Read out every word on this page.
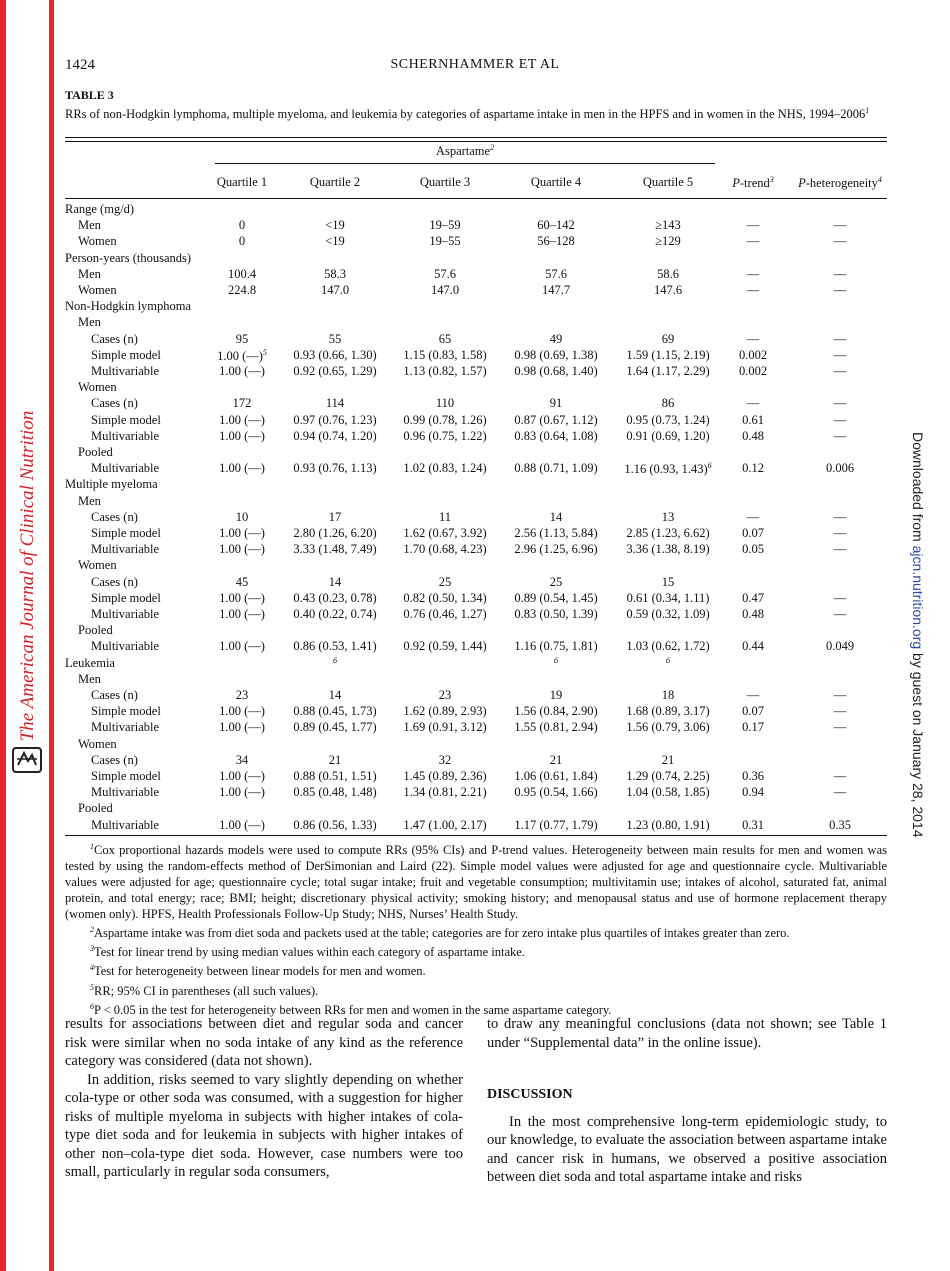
The American Journal of Clinical Nutrition	Downloaded from ajcn.nutrition.org by guest on January 28, 2014
1424	SCHERNHAMMER ET AL
TABLE 3
RRs of non-Hodgkin lymphoma, multiple myeloma, and leukemia by categories of aspartame intake in men in the HPFS and in women in the NHS, 1994–2006$^1$
Aspartame$^2$
Quartile 1	Quartile 2	Quartile 3	Quartile 4	Quartile 5	P-trend$^3$	P-heterogeneity$^4$
Range (mg/d)
Men	0	<19	19–59	60–142	≥143	—	—
Women	0	<19	19–55	56–128	≥129	—	—
Person-years (thousands)
Men	100.4	58.3	57.6	57.6	58.6	—	—
Women	224.8	147.0	147.0	147.7	147.6	—	—
Non-Hodgkin lymphoma
Men
Cases (n)	95	55	65	49	69	—	—
Simple model	1.00 (—)$^5$	0.93 (0.66, 1.30)	1.15 (0.83, 1.58)	0.98 (0.69, 1.38)	1.59 (1.15, 2.19)	0.002	—
Multivariable	1.00 (—)	0.92 (0.65, 1.29)	1.13 (0.82, 1.57)	0.98 (0.68, 1.40)	1.64 (1.17, 2.29)	0.002	—
Women
Cases (n)	172	114	110	91	86	—	—
Simple model	1.00 (—)	0.97 (0.76, 1.23)	0.99 (0.78, 1.26)	0.87 (0.67, 1.12)	0.95 (0.73, 1.24)	0.61	—
Multivariable	1.00 (—)	0.94 (0.74, 1.20)	0.96 (0.75, 1.22)	0.83 (0.64, 1.08)	0.91 (0.69, 1.20)	0.48	—
Pooled
Multivariable	1.00 (—)	0.93 (0.76, 1.13)	1.02 (0.83, 1.24)	0.88 (0.71, 1.09)	1.16 (0.93, 1.43)$^6$	0.12	0.006
Multiple myeloma
Men
Cases (n)	10	17	11	14	13	—	—
Simple model	1.00 (—)	2.80 (1.26, 6.20)	1.62 (0.67, 3.92)	2.56 (1.13, 5.84)	2.85 (1.23, 6.62)	0.07	—
Multivariable	1.00 (—)	3.33 (1.48, 7.49)	1.70 (0.68, 4.23)	2.96 (1.25, 6.96)	3.36 (1.38, 8.19)	0.05	—
Women
Cases (n)	45	14	25	25	15
Simple model	1.00 (—)	0.43 (0.23, 0.78)	0.82 (0.50, 1.34)	0.89 (0.54, 1.45)	0.61 (0.34, 1.11)	0.47	—
Multivariable	1.00 (—)	0.40 (0.22, 0.74)	0.76 (0.46, 1.27)	0.83 (0.50, 1.39)	0.59 (0.32, 1.09)	0.48	—
Pooled
Multivariable	1.00 (—)	0.86 (0.53, 1.41)	0.92 (0.59, 1.44)	1.16 (0.75, 1.81)	1.03 (0.62, 1.72)	0.44	0.049
Leukemia	$^6$	$^6$	$^6$
Men
Cases (n)	23	14	23	19	18	—	—
Simple model	1.00 (—)	0.88 (0.45, 1.73)	1.62 (0.89, 2.93)	1.56 (0.84, 2.90)	1.68 (0.89, 3.17)	0.07	—
Multivariable	1.00 (—)	0.89 (0.45, 1.77)	1.69 (0.91, 3.12)	1.55 (0.81, 2.94)	1.56 (0.79, 3.06)	0.17	—
Women
Cases (n)	34	21	32	21	21
Simple model	1.00 (—)	0.88 (0.51, 1.51)	1.45 (0.89, 2.36)	1.06 (0.61, 1.84)	1.29 (0.74, 2.25)	0.36	—
Multivariable	1.00 (—)	0.85 (0.48, 1.48)	1.34 (0.81, 2.21)	0.95 (0.54, 1.66)	1.04 (0.58, 1.85)	0.94	—
Pooled
Multivariable	1.00 (—)	0.86 (0.56, 1.33)	1.47 (1.00, 2.17)	1.17 (0.77, 1.79)	1.23 (0.80, 1.91)	0.31	0.35

$^1$Cox proportional hazards models were used to compute RRs (95% CIs) and P-trend values. Heterogeneity between main results for men and women was tested by using the random-effects method of DerSimonian and Laird (22). Simple model values were adjusted for age and questionnaire cycle. Multivariable values were adjusted for age; questionnaire cycle; total sugar intake; fruit and vegetable consumption; multivitamin use; intakes of alcohol, saturated fat, animal protein, and total energy; race; BMI; height; discretionary physical activity; smoking history; and menopausal status and use of hormone replacement therapy (women only). HPFS, Health Professionals Follow-Up Study; NHS, Nurses’ Health Study.

$^2$Aspartame intake was from diet soda and packets used at the table; categories are for zero intake plus quartiles of intakes greater than zero.

$^3$Test for linear trend by using median values within each category of aspartame intake.

$^4$Test for heterogeneity between linear models for men and women.

$^5$RR; 95% CI in parentheses (all such values).

$^6$P < 0.05 in the test for heterogeneity between RRs for men and women in the same aspartame category.

results for associations between diet and regular soda and cancer risk were similar when no soda intake of any kind as the reference category was considered (data not shown).

In addition, risks seemed to vary slightly depending on whether cola-type or other soda was consumed, with a suggestion for higher risks of multiple myeloma in subjects with higher intakes of cola-type diet soda and for leukemia in subjects with higher intakes of other non–cola-type diet soda. However, case numbers were too small, particularly in regular soda consumers,

to draw any meaningful conclusions (data not shown; see Table 1 under “Supplemental data” in the online issue).

DISCUSSION

In the most comprehensive long-term epidemiologic study, to our knowledge, to evaluate the association between aspartame intake and cancer risk in humans, we observed a positive association between diet soda and total aspartame intake and risks
